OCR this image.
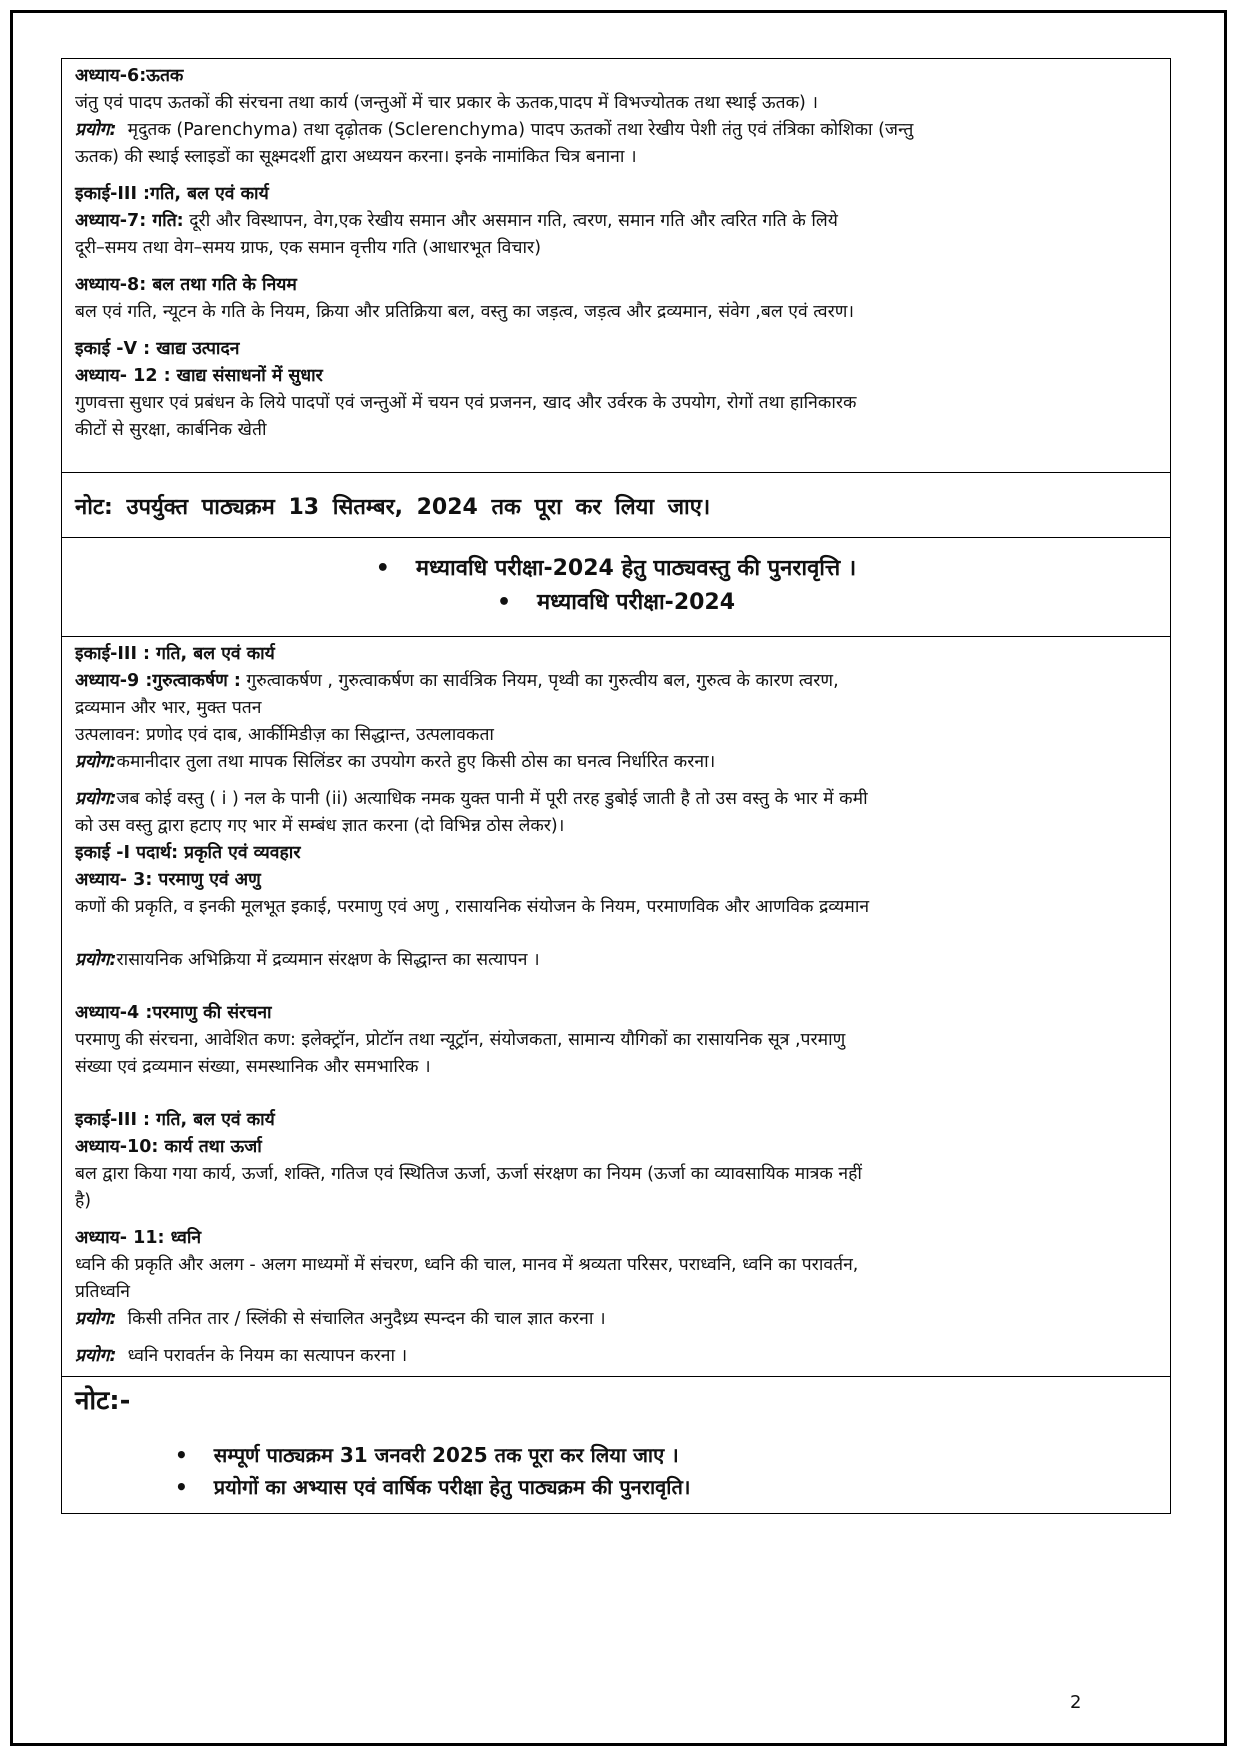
अध्याय-6:ऊतक
जंतु एवं पादप ऊतकों की संरचना तथा कार्य (जन्तुओं में चार प्रकार के ऊतक,पादप में विभज्योतक तथा स्थाई ऊतक) ।
प्रयोग: मृदुतक (Parenchyma) तथा दृढ़ोतक (Sclerenchyma) पादप ऊतकों तथा रेखीय पेशी तंतु एवं तंत्रिका कोशिका (जन्तु
ऊतक) की स्थाई स्लाइडों का सूक्ष्मदर्शी द्वारा अध्ययन करना। इनके नामांकित चित्र बनाना ।
इकाई-III :गति, बल एवं कार्य
अध्याय-7: गति: दूरी और विस्थापन, वेग,एक रेखीय समान और असमान गति, त्वरण, समान गति और त्वरित गति के लिये
दूरी–समय तथा वेग–समय ग्राफ, एक समान वृत्तीय गति (आधारभूत विचार)
अध्याय-8: बल तथा गति के नियम
बल एवं गति, न्यूटन के गति के नियम, क्रिया और प्रतिक्रिया बल, वस्तु का जड़त्व, जड़त्व और द्रव्यमान, संवेग ,बल एवं त्वरण।
इकाई -V : खाद्य उत्पादन
अध्याय- 12 : खाद्य संसाधनों में सुधार
गुणवत्ता सुधार एवं प्रबंधन के लिये पादपों एवं जन्तुओं में चयन एवं प्रजनन, खाद और उर्वरक के उपयोग, रोगों तथा हानिकारक
कीटों से सुरक्षा, कार्बनिक खेती
नोट: उपर्युक्त पाठ्यक्रम 13 सितम्बर, 2024 तक पूरा कर लिया जाए।
• मध्यावधि परीक्षा-2024 हेतु पाठ्यवस्तु की पुनरावृत्ति ।
• मध्यावधि परीक्षा-2024
इकाई-III : गति, बल एवं कार्य
अध्याय-9 :गुरुत्वाकर्षण : गुरुत्वाकर्षण , गुरुत्वाकर्षण का सार्वत्रिक नियम, पृथ्वी का गुरुत्वीय बल, गुरुत्व के कारण त्वरण,
द्रव्यमान और भार, मुक्त पतन
उत्पलावन: प्रणोद एवं दाब, आर्कीमिडीज़ का सिद्धान्त, उत्पलावकता
प्रयोग:कमानीदार तुला तथा मापक सिलिंडर का उपयोग करते हुए किसी ठोस का घनत्व निर्धारित करना।
प्रयोग:जब कोई वस्तु ( i ) नल के पानी (ii) अत्याधिक नमक युक्त पानी में पूरी तरह डुबोई जाती है तो उस वस्तु के भार में कमी
को उस वस्तु द्वारा हटाए गए भार में सम्बंध ज्ञात करना (दो विभिन्न ठोस लेकर)।
इकाई -I पदार्थ: प्रकृति एवं व्यवहार
अध्याय- 3: परमाणु एवं अणु
कणों की प्रकृति, व इनकी मूलभूत इकाई, परमाणु एवं अणु , रासायनिक संयोजन के नियम, परमाणविक और आणविक द्रव्यमान
प्रयोग:रासायनिक अभिक्रिया में द्रव्यमान संरक्षण के सिद्धान्त का सत्यापन ।
अध्याय-4 :परमाणु की संरचना
परमाणु की संरचना, आवेशित कण: इलेक्ट्रॉन, प्रोटॉन तथा न्यूट्रॉन, संयोजकता, सामान्य यौगिकों का रासायनिक सूत्र ,परमाणु
संख्या एवं द्रव्यमान संख्या, समस्थानिक और समभारिक ।
इकाई-III : गति, बल एवं कार्य
अध्याय-10: कार्य तथा ऊर्जा
बल द्वारा किया गया कार्य, ऊर्जा, शक्ति, गतिज एवं स्थितिज ऊर्जा, ऊर्जा संरक्षण का नियम (ऊर्जा का व्यावसायिक मात्रक नहीं
है)
अध्याय- 11: ध्वनि
ध्वनि की प्रकृति और अलग - अलग माध्यमों में संचरण, ध्वनि की चाल, मानव में श्रव्यता परिसर, पराध्वनि, ध्वनि का परावर्तन,
प्रतिध्वनि
प्रयोग: किसी तनित तार / स्लिंकी से संचालित अनुदैध्र्य स्पन्दन की चाल ज्ञात करना ।
प्रयोग: ध्वनि परावर्तन के नियम का सत्यापन करना ।
नोट:-
• सम्पूर्ण पाठ्यक्रम 31 जनवरी 2025 तक पूरा कर लिया जाए ।
• प्रयोगों का अभ्यास एवं वार्षिक परीक्षा हेतु पाठ्यक्रम की पुनरावृति।
2
